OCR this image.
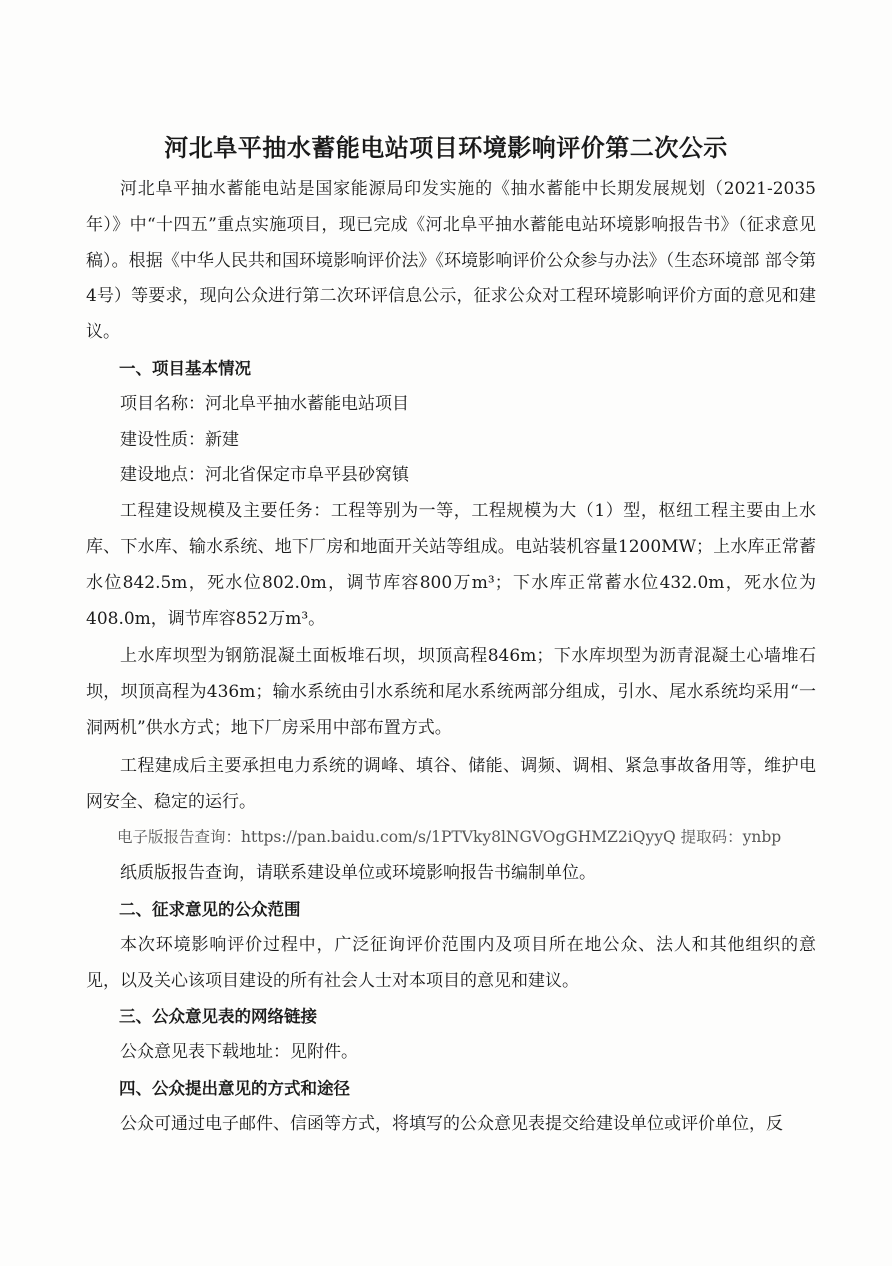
河北阜平抽水蓄能电站项目环境影响评价第二次公示

河北阜平抽水蓄能电站是国家能源局印发实施的《抽水蓄能中长期发展规划（2021-2035年）》中“十四五”重点实施项目，现已完成《河北阜平抽水蓄能电站环境影响报告书》（征求意见稿）。根据《中华人民共和国环境影响评价法》《环境影响评价公众参与办法》（生态环境部 部令第4号）等要求，现向公众进行第二次环评信息公示，征求公众对工程环境影响评价方面的意见和建议。

一、项目基本情况

项目名称：河北阜平抽水蓄能电站项目

建设性质：新建

建设地点：河北省保定市阜平县砂窝镇

工程建设规模及主要任务：工程等别为一等，工程规模为大（1）型，枢纽工程主要由上水库、下水库、输水系统、地下厂房和地面开关站等组成。电站装机容量1200MW；上水库正常蓄水位842.5m，死水位802.0m，调节库容800万m³；下水库正常蓄水位432.0m，死水位为408.0m，调节库容852万m³。

上水库坝型为钢筋混凝土面板堆石坝，坝顶高程846m；下水库坝型为沥青混凝土心墙堆石坝，坝顶高程为436m；输水系统由引水系统和尾水系统两部分组成，引水、尾水系统均采用“一洞两机”供水方式；地下厂房采用中部布置方式。

工程建成后主要承担电力系统的调峰、填谷、储能、调频、调相、紧急事故备用等，维护电网安全、稳定的运行。

电子版报告查询：https://pan.baidu.com/s/1PTVky8lNGVOgGHMZ2iQyyQ 提取码：ynbp

纸质版报告查询，请联系建设单位或环境影响报告书编制单位。

二、征求意见的公众范围

本次环境影响评价过程中，广泛征询评价范围内及项目所在地公众、法人和其他组织的意见，以及关心该项目建设的所有社会人士对本项目的意见和建议。

三、公众意见表的网络链接

公众意见表下载地址：见附件。

四、公众提出意见的方式和途径

公众可通过电子邮件、信函等方式，将填写的公众意见表提交给建设单位或评价单位，反
